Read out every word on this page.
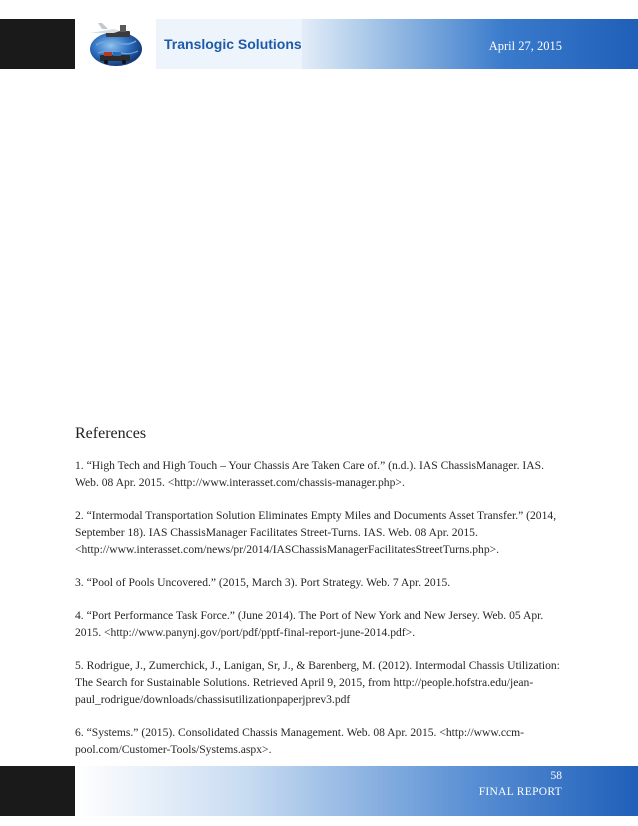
Translogic Solutions	April 27, 2015
References

1. “High Tech and High Touch – Your Chassis Are Taken Care of.” (n.d.). IAS ChassisManager. IAS. Web. 08 Apr. 2015. <http://www.interasset.com/chassis-manager.php>.

2. “Intermodal Transportation Solution Eliminates Empty Miles and Documents Asset Transfer.” (2014, September 18). IAS ChassisManager Facilitates Street-Turns. IAS. Web. 08 Apr. 2015. <http://www.interasset.com/news/pr/2014/IASChassisManagerFacilitatesStreetTurns.php>.

3. “Pool of Pools Uncovered.” (2015, March 3). Port Strategy. Web. 7 Apr. 2015.

4. “Port Performance Task Force.” (June 2014). The Port of New York and New Jersey. Web. 05 Apr. 2015. <http://www.panynj.gov/port/pdf/pptf-final-report-june-2014.pdf>.

5. Rodrigue, J., Zumerchick, J., Lanigan, Sr, J., & Barenberg, M. (2012). Intermodal Chassis Utilization: The Search for Sustainable Solutions. Retrieved April 9, 2015, from http://people.hofstra.edu/jean-paul_rodrigue/downloads/chassisutilizationpaperjprev3.pdf

6. “Systems.” (2015). Consolidated Chassis Management. Web. 08 Apr. 2015. <http://www.ccm-pool.com/Customer-Tools/Systems.aspx>.

58
FINAL REPORT
